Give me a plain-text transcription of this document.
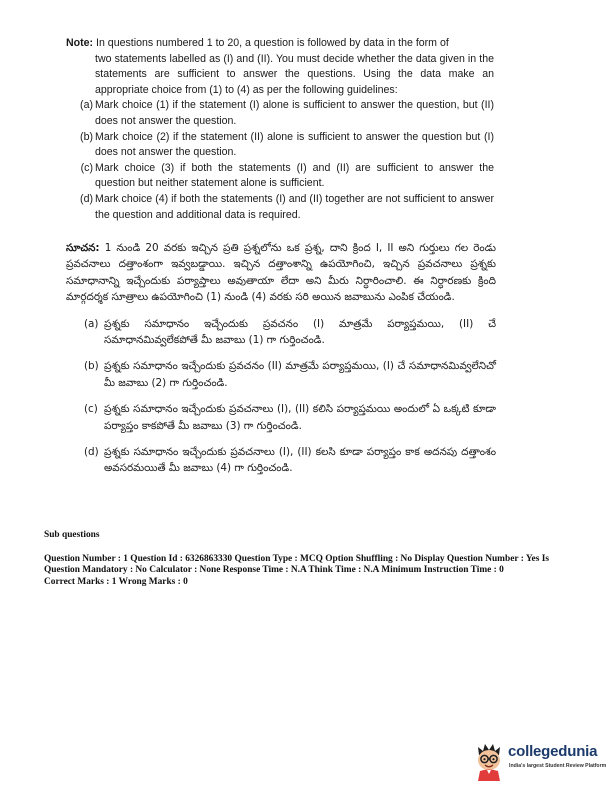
Note: In questions numbered 1 to 20, a question is followed by data in the form of
two statements labelled as (I) and (II). You must decide whether the data given in the statements are sufficient to answer the questions. Using the data make an appropriate choice from (1) to (4) as per the following guidelines:
(a) Mark choice (1) if the statement (I) alone is sufficient to answer the question, but (II) does not answer the question.
(b) Mark choice (2) if the statement (II) alone is sufficient to answer the question but (I) does not answer the question.
(c) Mark choice (3) if both the statements (I) and (II) are sufficient to answer the question but neither statement alone is sufficient.
(d) Mark choice (4) if both the statements (I) and (II) together are not sufficient to answer the question and additional data is required.
సూచన: 1 నుండి 20 వరకు ఇచ్చిన ప్రతి ప్రశ్నలోను ఒక ప్రశ్న, దాని క్రింద I, II అని గుర్తులు గల రెండు ప్రవచనాలు దత్తాంశంగా ఇవ్వబడ్డాయి. ఇచ్చిన దత్తాంశాన్ని ఉపయోగించి, ఇచ్చిన ప్రవచనాలు ప్రశ్నకు సమాధానాన్ని ఇచ్చేందుకు పర్యాప్తాలు అవుతాయా లేదా అని మీరు నిర్ధారించాలి. ఈ నిర్ధారణకు క్రింది మార్గదర్శక సూత్రాలు ఉపయోగించి (1) నుండి (4) వరకు సరి అయిన జవాబును ఎంపిక చేయండి.
(a) ప్రశ్నకు సమాధానం ఇచ్చేందుకు ప్రవచనం (I) మాత్రమే పర్యాప్తమయి, (II) చే సమాధానమివ్వలేకపోతే మీ జవాబు (1) గా గుర్తించండి.
(b) ప్రశ్నకు సమాధానం ఇచ్చేందుకు ప్రవచనం (II) మాత్రమే పర్యాప్తమయి, (I) చే సమాధానమివ్వలేనిచో మీ జవాబు (2) గా గుర్తించండి.
(c) ప్రశ్నకు సమాధానం ఇచ్చేందుకు ప్రవచనాలు (I), (II) కలిసి పర్యాప్తమయి అందులో ఏ ఒక్కటి కూడా పర్యాప్తం కాకపోతే మీ జవాబు (3) గా గుర్తించండి.
(d) ప్రశ్నకు సమాధానం ఇచ్చేందుకు ప్రవచనాలు (I), (II) కలసి కూడా పర్యాప్తం కాక అదనపు దత్తాంశం అవసరమయితే మీ జవాబు (4) గా గుర్తించండి.
Sub questions
Question Number : 1 Question Id : 6326863330 Question Type : MCQ Option Shuffling : No Display Question Number : Yes Is Question Mandatory : No Calculator : None Response Time : N.A Think Time : N.A Minimum Instruction Time : 0
Correct Marks : 1 Wrong Marks : 0
collegedunia
India's largest Student Review Platform
